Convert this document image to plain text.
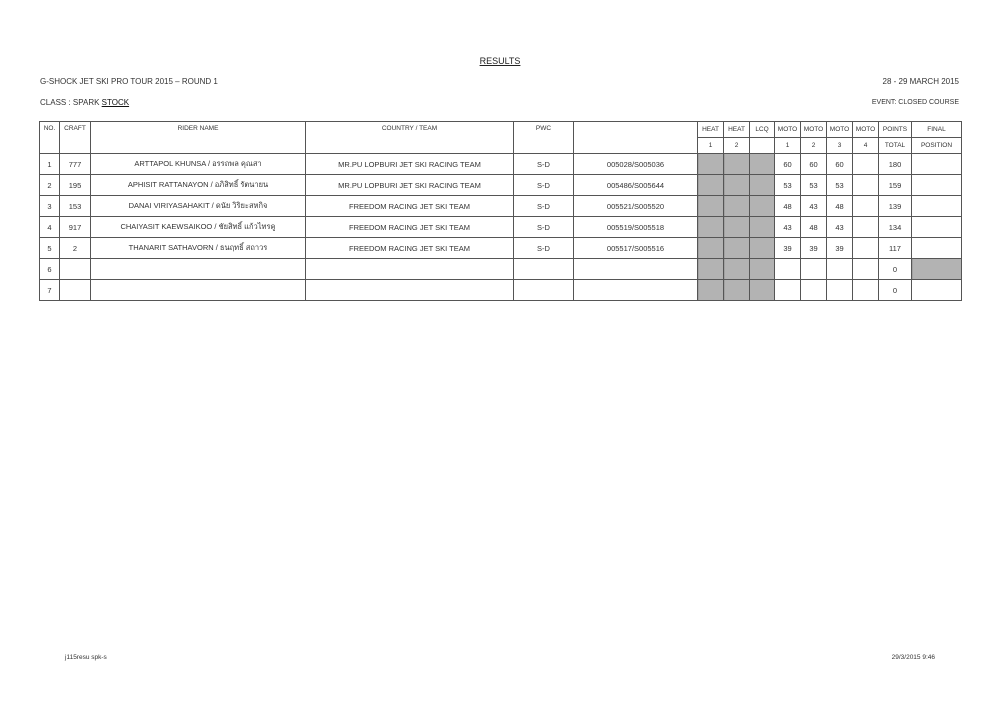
RESULTS
G-SHOCK JET SKI PRO TOUR 2015 – ROUND 1	28 - 29 MARCH 2015
CLASS : SPARK STOCK	EVENT: CLOSED COURSE
NO.	CRAFT	RIDER NAME	COUNTRY / TEAM	PWC		HEAT	HEAT	LCQ	MOTO	MOTO	MOTO	MOTO	POINTS	FINAL
						1	2		1	2	3	4	TOTAL	POSITION
1	777	ARTTAPOL KHUNSA / อรรถพล คุณสา	MR.PU LOPBURI JET SKI RACING TEAM	S-D	005028/S005036				60	60	60		180	
2	195	APHISIT RATTANAYON / อภิสิทธิ์ รัตนายน	MR.PU LOPBURI JET SKI RACING TEAM	S-D	005486/S005644				53	53	53		159	
3	153	DANAI VIRIYASAHAKIT / ดนัย วิริยะสหกิจ	FREEDOM RACING JET SKI TEAM	S-D	005521/S005520				48	43	48		139	
4	917	CHAIYASIT KAEWSAIKOO / ชัยสิทธิ์ แก้วไทรคู	FREEDOM RACING JET SKI TEAM	S-D	005519/S005518				43	48	43		134	
5	2	THANARIT SATHAVORN / ธนฤทธิ์ สถาวร	FREEDOM RACING JET SKI TEAM	S-D	005517/S005516				39	39	39		117	
6													0	
7													0	
j115resu spk-s	29/3/2015 9:46
